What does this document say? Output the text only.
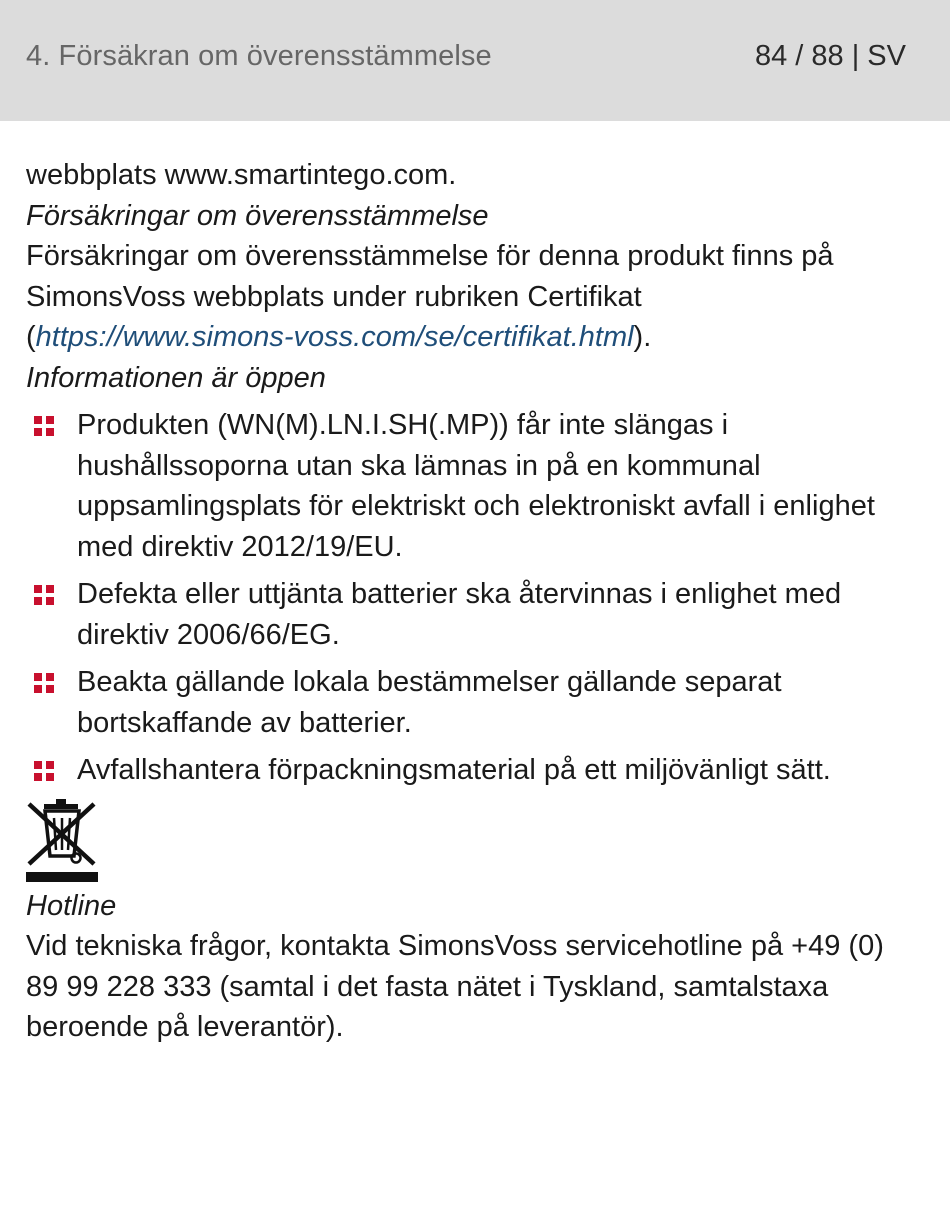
4. Försäkran om överensstämmelse	84 / 88 | SV

webbplats www.smartintego.com.

Försäkringar om överensstämmelse

Försäkringar om överensstämmelse för denna produkt finns på SimonsVoss webbplats under rubriken Certifikat
(https://www.simons-voss.com/se/certifikat.html).

Informationen är öppen

Produkten (WN(M).LN.I.SH(.MP)) får inte slängas i hushållssoporna utan ska lämnas in på en kommunal uppsamlingsplats för elektriskt och elektroniskt avfall i enlighet med direktiv 2012/19/EU.
Defekta eller uttjänta batterier ska återvinnas i enlighet med direktiv 2006/66/EG.
Beakta gällande lokala bestämmelser gällande separat bortskaffande av batterier.
Avfallshantera förpackningsmaterial på ett miljövänligt sätt.

Hotline

Vid tekniska frågor, kontakta SimonsVoss servicehotline på +49 (0) 89 99 228 333 (samtal i det fasta nätet i Tyskland, samtalstaxa beroende på leverantör).
